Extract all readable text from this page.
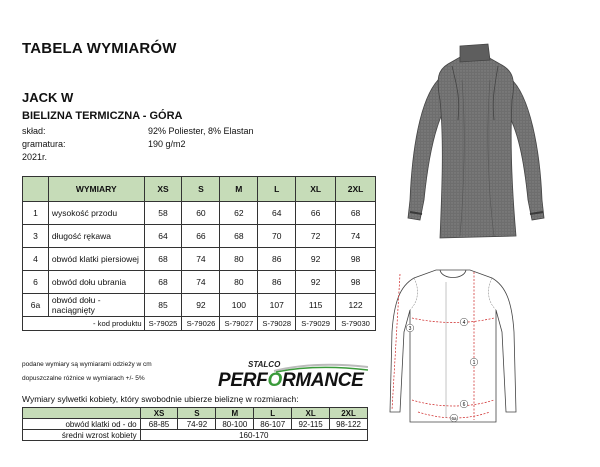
TABELA WYMIARÓW
JACK W
BIELIZNA TERMICZNA - GÓRA
skład:	92% Poliester, 8% Elastan
gramatura:	190 g/m2
2021r.
	WYMIARY	XS	S	M	L	XL	2XL
1	wysokość przodu	58	60	62	64	66	68
3	długość rękawa	64	66	68	70	72	74
4	obwód klatki piersiowej	68	74	80	86	92	98
6	obwód dołu ubrania	68	74	80	86	92	98
6a	obwód dołu - naciągnięty	85	92	100	107	115	122
- kod produktu		S-79025	S-79026	S-79027	S-79028	S-79029	S-79030
podane wymiary są wymiarami odzieży w cm
dopuszczalne różnice w wymiarach +/- 5%
STALCO
PERFORMANCE
Wymiary sylwetki kobiety, który swobodnie ubierze bieliznę w rozmiarach:
	XS	S	M	L	XL	2XL
obwód klatki od - do	68-85	74-92	80-100	86-107	92-115	98-122
średni wzrost kobiety	160-170					
3
1
4
6
6a
